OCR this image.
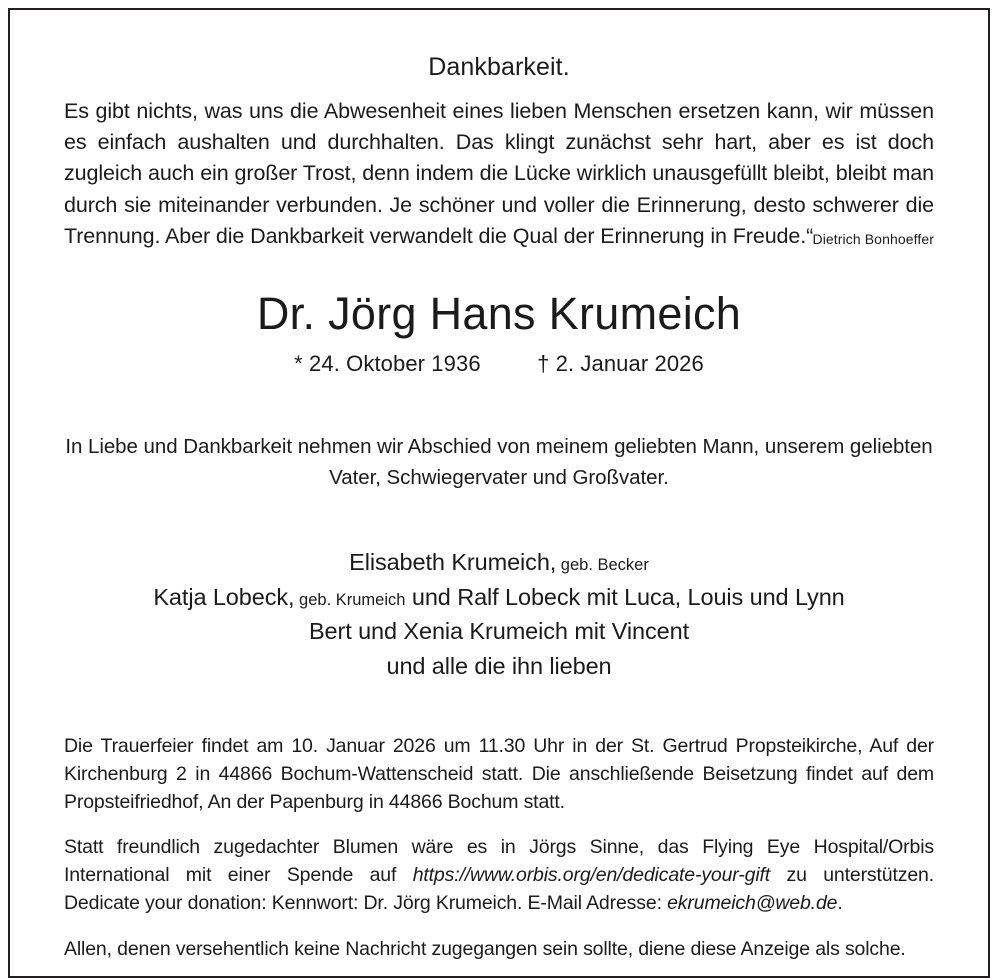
Dankbarkeit.

Es gibt nichts, was uns die Abwesenheit eines lieben Menschen ersetzen kann, wir müssen es einfach aushalten und durchhalten. Das klingt zunächst sehr hart, aber es ist doch zugleich auch ein großer Trost, denn indem die Lücke wirklich unausgefüllt bleibt, bleibt man durch sie miteinander verbunden. Je schöner und voller die Erinnerung, desto schwerer die Trennung. Aber die Dankbarkeit verwandelt die Qual der Erinnerung in Freude.“ Dietrich Bonhoeffer

Dr. Jörg Hans Krumeich
* 24. Oktober 1936	† 2. Januar 2026

In Liebe und Dankbarkeit nehmen wir Abschied von meinem geliebten Mann, unserem geliebten Vater, Schwiegervater und Großvater.

Elisabeth Krumeich, geb. Becker
Katja Lobeck, geb. Krumeich und Ralf Lobeck mit Luca, Louis und Lynn
Bert und Xenia Krumeich mit Vincent
und alle die ihn lieben

Die Trauerfeier findet am 10. Januar 2026 um 11.30 Uhr in der St. Gertrud Propsteikirche, Auf der Kirchenburg 2 in 44866 Bochum-Wattenscheid statt. Die anschließende Beisetzung findet auf dem Propsteifriedhof, An der Papenburg in 44866 Bochum statt.

Statt freundlich zugedachter Blumen wäre es in Jörgs Sinne, das Flying Eye Hospital/Orbis International mit einer Spende auf https://www.orbis.org/en/dedicate-your-gift zu unterstützen. Dedicate your donation: Kennwort: Dr. Jörg Krumeich. E-Mail Adresse: ekrumeich@web.de.

Allen, denen versehentlich keine Nachricht zugegangen sein sollte, diene diese Anzeige als solche.
